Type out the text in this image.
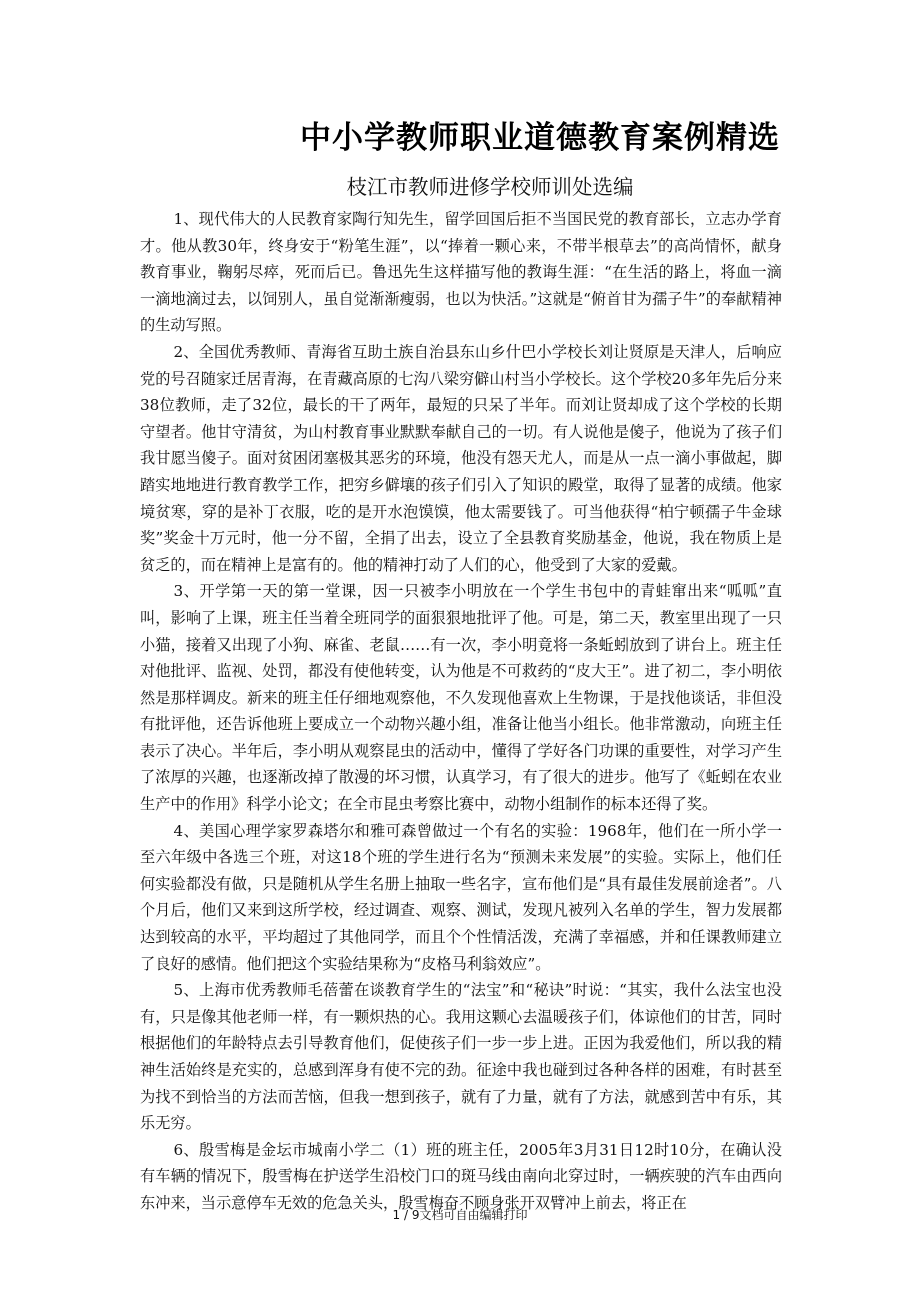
中小学教师职业道德教育案例精选
枝江市教师进修学校师训处选编

1、现代伟大的人民教育家陶行知先生，留学回国后拒不当国民党的教育部长，立志办学育才。他从教30年，终身安于“粉笔生涯”，以“捧着一颗心来，不带半根草去”的高尚情怀，献身教育事业，鞠躬尽瘁，死而后已。鲁迅先生这样描写他的教诲生涯：“在生活的路上，将血一滴一滴地滴过去，以饲别人，虽自觉渐渐瘦弱，也以为快活。”这就是“俯首甘为孺子牛”的奉献精神的生动写照。

2、全国优秀教师、青海省互助土族自治县东山乡什巴小学校长刘让贤原是天津人，后响应党的号召随家迁居青海，在青藏高原的七沟八梁穷僻山村当小学校长。这个学校20多年先后分来38位教师，走了32位，最长的干了两年，最短的只呆了半年。而刘让贤却成了这个学校的长期守望者。他甘守清贫，为山村教育事业默默奉献自己的一切。有人说他是傻子，他说为了孩子们我甘愿当傻子。面对贫困闭塞极其恶劣的环境，他没有怨天尤人，而是从一点一滴小事做起，脚踏实地地进行教育教学工作，把穷乡僻壤的孩子们引入了知识的殿堂，取得了显著的成绩。他家境贫寒，穿的是补丁衣服，吃的是开水泡馍馍，他太需要钱了。可当他获得“柏宁顿孺子牛金球奖”奖金十万元时，他一分不留，全捐了出去，设立了全县教育奖励基金，他说，我在物质上是贫乏的，而在精神上是富有的。他的精神打动了人们的心，他受到了大家的爱戴。

3、开学第一天的第一堂课，因一只被李小明放在一个学生书包中的青蛙窜出来“呱呱”直叫，影响了上课，班主任当着全班同学的面狠狠地批评了他。可是，第二天，教室里出现了一只小猫，接着又出现了小狗、麻雀、老鼠……有一次，李小明竟将一条蚯蚓放到了讲台上。班主任对他批评、监视、处罚，都没有使他转变，认为他是不可救药的“皮大王”。进了初二，李小明依然是那样调皮。新来的班主任仔细地观察他，不久发现他喜欢上生物课，于是找他谈话，非但没有批评他，还告诉他班上要成立一个动物兴趣小组，准备让他当小组长。他非常激动，向班主任表示了决心。半年后，李小明从观察昆虫的活动中，懂得了学好各门功课的重要性，对学习产生了浓厚的兴趣，也逐渐改掉了散漫的坏习惯，认真学习，有了很大的进步。他写了《蚯蚓在农业生产中的作用》科学小论文；在全市昆虫考察比赛中，动物小组制作的标本还得了奖。

4、美国心理学家罗森塔尔和雅可森曾做过一个有名的实验：1968年，他们在一所小学一至六年级中各选三个班，对这18个班的学生进行名为“预测未来发展”的实验。实际上，他们任何实验都没有做，只是随机从学生名册上抽取一些名字，宣布他们是“具有最佳发展前途者”。八个月后，他们又来到这所学校，经过调查、观察、测试，发现凡被列入名单的学生，智力发展都达到较高的水平，平均超过了其他同学，而且个个性情活泼，充满了幸福感，并和任课教师建立了良好的感情。他们把这个实验结果称为“皮格马利翁效应”。

5、上海市优秀教师毛蓓蕾在谈教育学生的“法宝”和“秘诀”时说：“其实，我什么法宝也没有，只是像其他老师一样，有一颗炽热的心。我用这颗心去温暖孩子们，体谅他们的甘苦，同时根据他们的年龄特点去引导教育他们，促使孩子们一步一步上进。正因为我爱他们，所以我的精神生活始终是充实的，总感到浑身有使不完的劲。征途中我也碰到过各种各样的困难，有时甚至为找不到恰当的方法而苦恼，但我一想到孩子，就有了力量，就有了方法，就感到苦中有乐，其乐无穷。

6、殷雪梅是金坛市城南小学二（1）班的班主任，2005年3月31日12时10分，在确认没有车辆的情况下，殷雪梅在护送学生沿校门口的斑马线由南向北穿过时，一辆疾驶的汽车由西向东冲来，当示意停车无效的危急关头，殷雪梅奋不顾身张开双臂冲上前去，将正在

1 / 9文档可自由编辑打印
